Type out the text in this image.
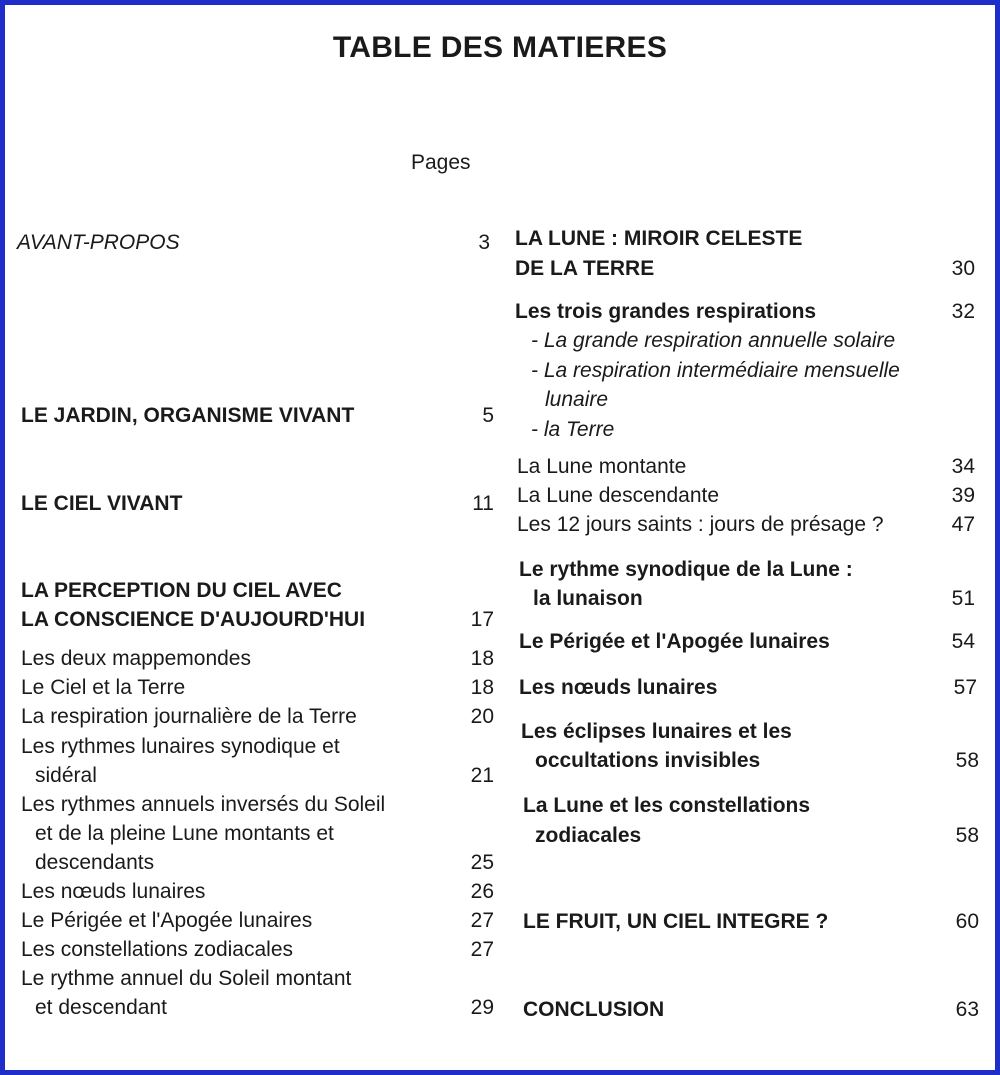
TABLE DES MATIERES
Pages
AVANT-PROPOS	3
LE JARDIN, ORGANISME VIVANT	5
LE CIEL VIVANT	11
LA PERCEPTION DU CIEL AVEC
LA CONSCIENCE D'AUJOURD'HUI	17
Les deux mappemondes	18
Le Ciel et la Terre	18
La respiration journalière de la Terre	20
Les rythmes lunaires synodique et
sidéral	21
Les rythmes annuels inversés du Soleil
et de la pleine Lune montants et
descendants	25
Les nœuds lunaires	26
Le Périgée et l'Apogée lunaires	27
Les constellations zodiacales	27
Le rythme annuel du Soleil montant
et descendant	29
LA LUNE : MIROIR CELESTE
DE LA TERRE	30
Les trois grandes respirations	32
- La grande respiration annuelle solaire
- La respiration intermédiaire mensuelle
lunaire
- la Terre
La Lune montante	34
La Lune descendante	39
Les 12 jours saints : jours de présage ?	47
Le rythme synodique de la Lune :
la lunaison	51
Le Périgée et l'Apogée lunaires	54
Les nœuds lunaires	57
Les éclipses lunaires et les
occultations invisibles	58
La Lune et les constellations
zodiacales	58
LE FRUIT, UN CIEL INTEGRE ?	60
CONCLUSION	63
